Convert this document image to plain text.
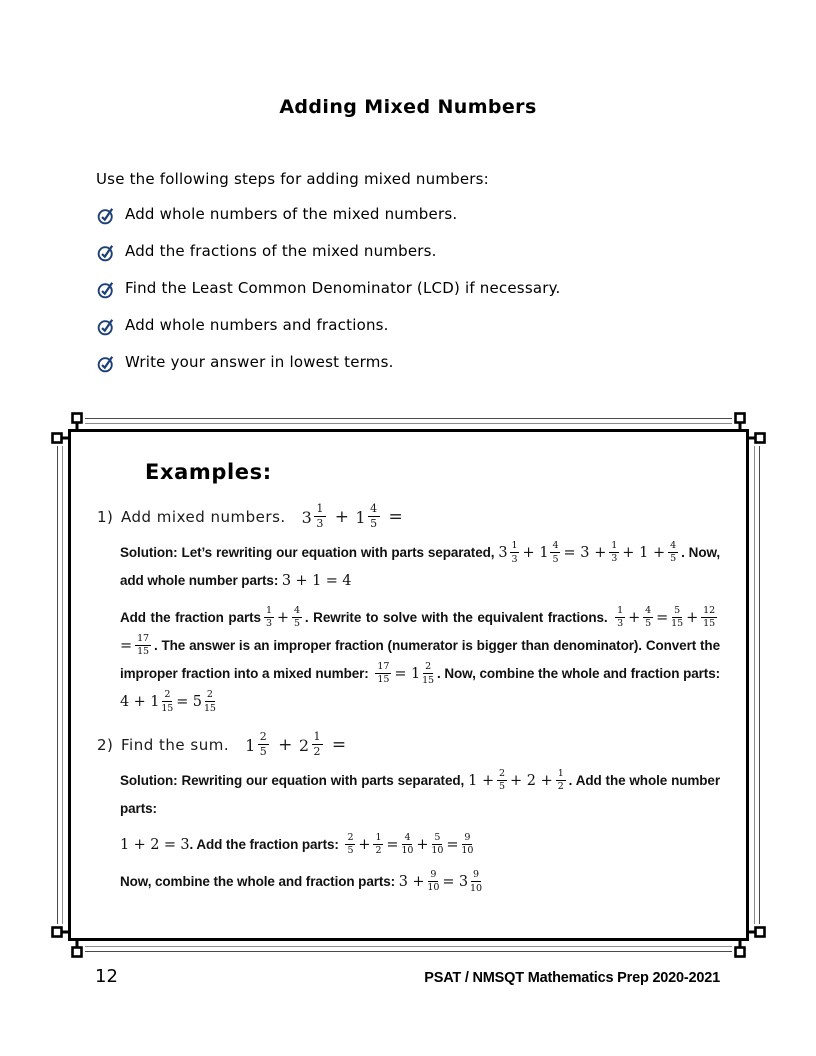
Adding Mixed Numbers

Use the following steps for adding mixed numbers:

Add whole numbers of the mixed numbers.
Add the fractions of the mixed numbers.
Find the Least Common Denominator (LCD) if necessary.
Add whole numbers and fractions.
Write your answer in lowest terms.
Examples:
1) Add mixed numbers. $3 \frac{1}{3} + 1 \frac{4}{5}$ =

Solution: Let’s rewriting our equation with parts separated, $3 \frac{1}{3} + 1 \frac{4}{5} = 3 + \frac{1}{3} + 1 + \frac{4}{5}$ . Now, add whole number parts: 3 + 1 = 4

Add the fraction parts $\frac{1}{3} + \frac{4}{5}$ . Rewrite to solve with the equivalent fractions. $\frac{1}{3} + \frac{4}{5} = \frac{5}{15} + \frac{12}{15}$
= $\frac{17}{15}$ . The answer is an improper fraction (numerator is bigger than denominator). Convert the improper fraction into a mixed number: $\frac{17}{15} = 1 \frac{2}{15}$ . Now, combine the whole and fraction parts: $4 + 1 \frac{2}{15} = 5 \frac{2}{15}$

2) Find the sum. $1 \frac{2}{5} + 2 \frac{1}{2}$ =

Solution: Rewriting our equation with parts separated, $1 + \frac{2}{5} + 2 + \frac{1}{2}$ . Add the whole number parts:

1 + 2 = 3. Add the fraction parts: $\frac{2}{5} + \frac{1}{2} = \frac{4}{10} + \frac{5}{10} = \frac{9}{10}$

Now, combine the whole and fraction parts: $3 + \frac{9}{10} = 3 \frac{9}{10}$

12	PSAT / NMSQT Mathematics Prep 2020-2021
